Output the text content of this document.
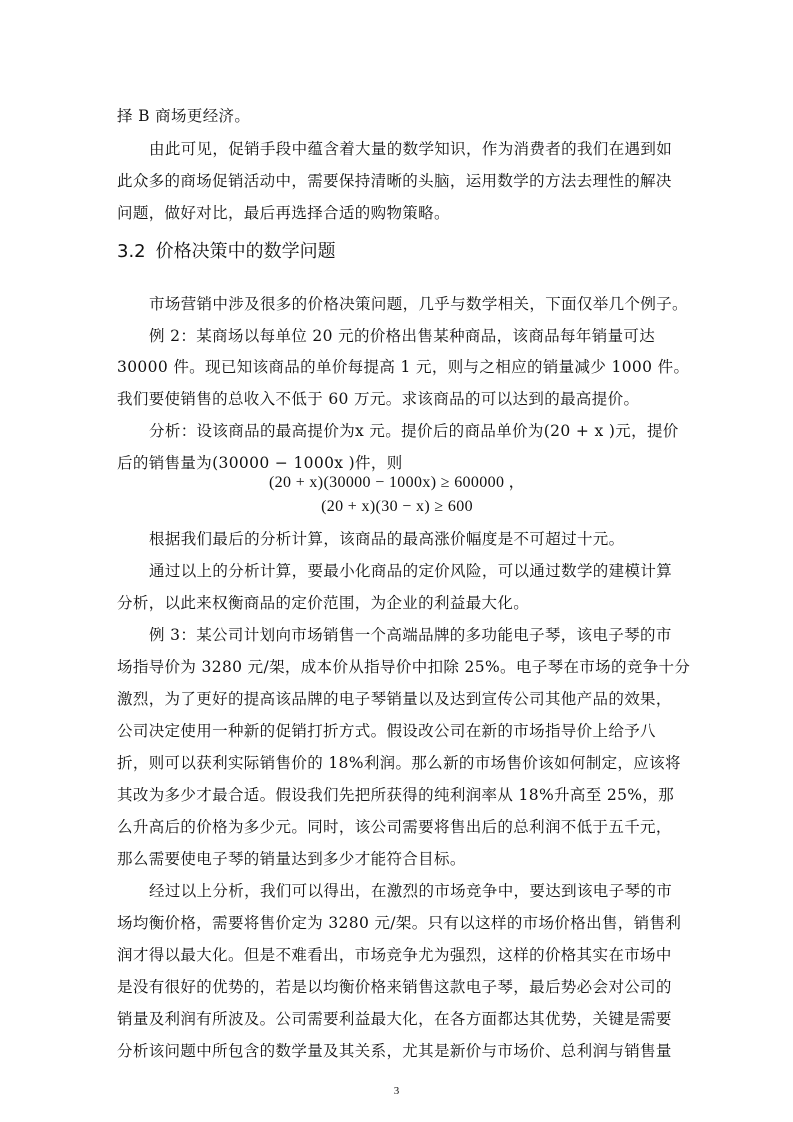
择 B 商场更经济。
由此可见，促销手段中蕴含着大量的数学知识，作为消费者的我们在遇到如
此众多的商场促销活动中，需要保持清晰的头脑，运用数学的方法去理性的解决
问题，做好对比，最后再选择合适的购物策略。
3.2 价格决策中的数学问题
市场营销中涉及很多的价格决策问题，几乎与数学相关，下面仅举几个例子。
例 2：某商场以每单位 20 元的价格出售某种商品，该商品每年销量可达
30000 件。现已知该商品的单价每提高 1 元，则与之相应的销量减少 1000 件。
我们要使销售的总收入不低于 60 万元。求该商品的可以达到的最高提价。
分析：设该商品的最高提价为x 元。提价后的商品单价为(20 + x )元，提价
后的销售量为(30000 − 1000x )件，则
(20 + x)(30000 − 1000x) ≥ 600000 ，
(20 + x)(30 − x) ≥ 600
根据我们最后的分析计算，该商品的最高涨价幅度是不可超过十元。
通过以上的分析计算，要最小化商品的定价风险，可以通过数学的建模计算
分析，以此来权衡商品的定价范围，为企业的利益最大化。
例 3：某公司计划向市场销售一个高端品牌的多功能电子琴，该电子琴的市
场指导价为 3280 元/架，成本价从指导价中扣除 25%。电子琴在市场的竞争十分
激烈，为了更好的提高该品牌的电子琴销量以及达到宣传公司其他产品的效果，
公司决定使用一种新的促销打折方式。假设改公司在新的市场指导价上给予八
折，则可以获利实际销售价的 18%利润。那么新的市场售价该如何制定，应该将
其改为多少才最合适。假设我们先把所获得的纯利润率从 18%升高至 25%，那
么升高后的价格为多少元。同时，该公司需要将售出后的总利润不低于五千元，
那么需要使电子琴的销量达到多少才能符合目标。
经过以上分析，我们可以得出，在激烈的市场竞争中，要达到该电子琴的市
场均衡价格，需要将售价定为 3280 元/架。只有以这样的市场价格出售，销售利
润才得以最大化。但是不难看出，市场竞争尤为强烈，这样的价格其实在市场中
是没有很好的优势的，若是以均衡价格来销售这款电子琴，最后势必会对公司的
销量及利润有所波及。公司需要利益最大化，在各方面都达其优势，关键是需要
分析该问题中所包含的数学量及其关系，尤其是新价与市场价、总利润与销售量
3
